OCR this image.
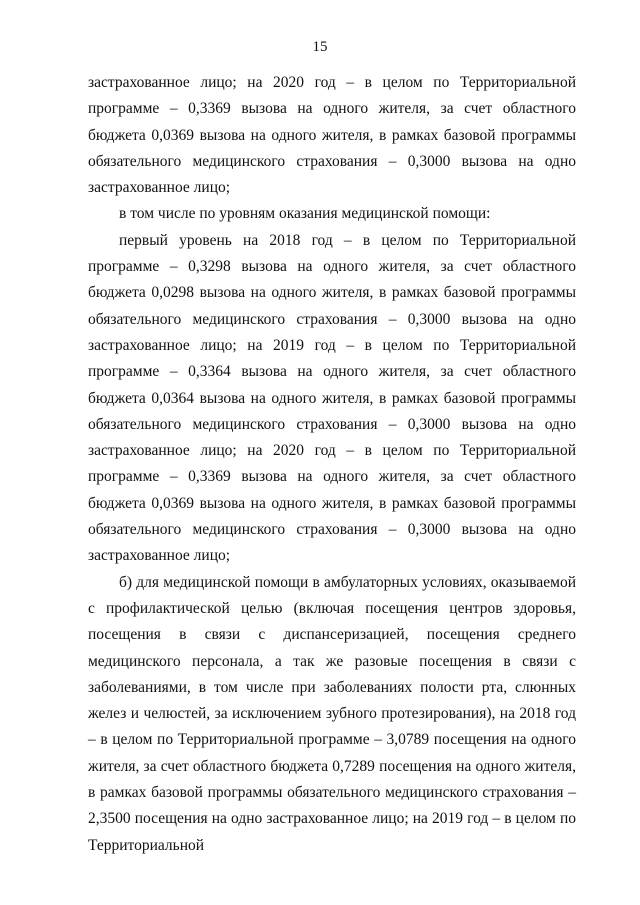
15

застрахованное лицо; на 2020 год – в целом по Территориальной программе – 0,3369 вызова на одного жителя, за счет областного бюджета 0,0369 вызова на одного жителя, в рамках базовой программы обязательного медицинского страхования – 0,3000 вызова на одно застрахованное лицо;

в том числе по уровням оказания медицинской помощи:

первый уровень на 2018 год – в целом по Территориальной программе – 0,3298 вызова на одного жителя, за счет областного бюджета 0,0298 вызова на одного жителя, в рамках базовой программы обязательного медицинского страхования – 0,3000 вызова на одно застрахованное лицо; на 2019 год – в целом по Территориальной программе – 0,3364 вызова на одного жителя, за счет областного бюджета 0,0364 вызова на одного жителя, в рамках базовой программы обязательного медицинского страхования – 0,3000 вызова на одно застрахованное лицо; на 2020 год – в целом по Территориальной программе – 0,3369 вызова на одного жителя, за счет областного бюджета 0,0369 вызова на одного жителя, в рамках базовой программы обязательного медицинского страхования – 0,3000 вызова на одно застрахованное лицо;

б) для медицинской помощи в амбулаторных условиях, оказываемой с профилактической целью (включая посещения центров здоровья, посещения в связи с диспансеризацией, посещения среднего медицинского персонала, а так же разовые посещения в связи с заболеваниями, в том числе при заболеваниях полости рта, слюнных желез и челюстей, за исключением зубного протезирования), на 2018 год – в целом по Территориальной программе – 3,0789 посещения на одного жителя, за счет областного бюджета 0,7289 посещения на одного жителя, в рамках базовой программы обязательного медицинского страхования – 2,3500 посещения на одно застрахованное лицо; на 2019 год – в целом по Территориальной
